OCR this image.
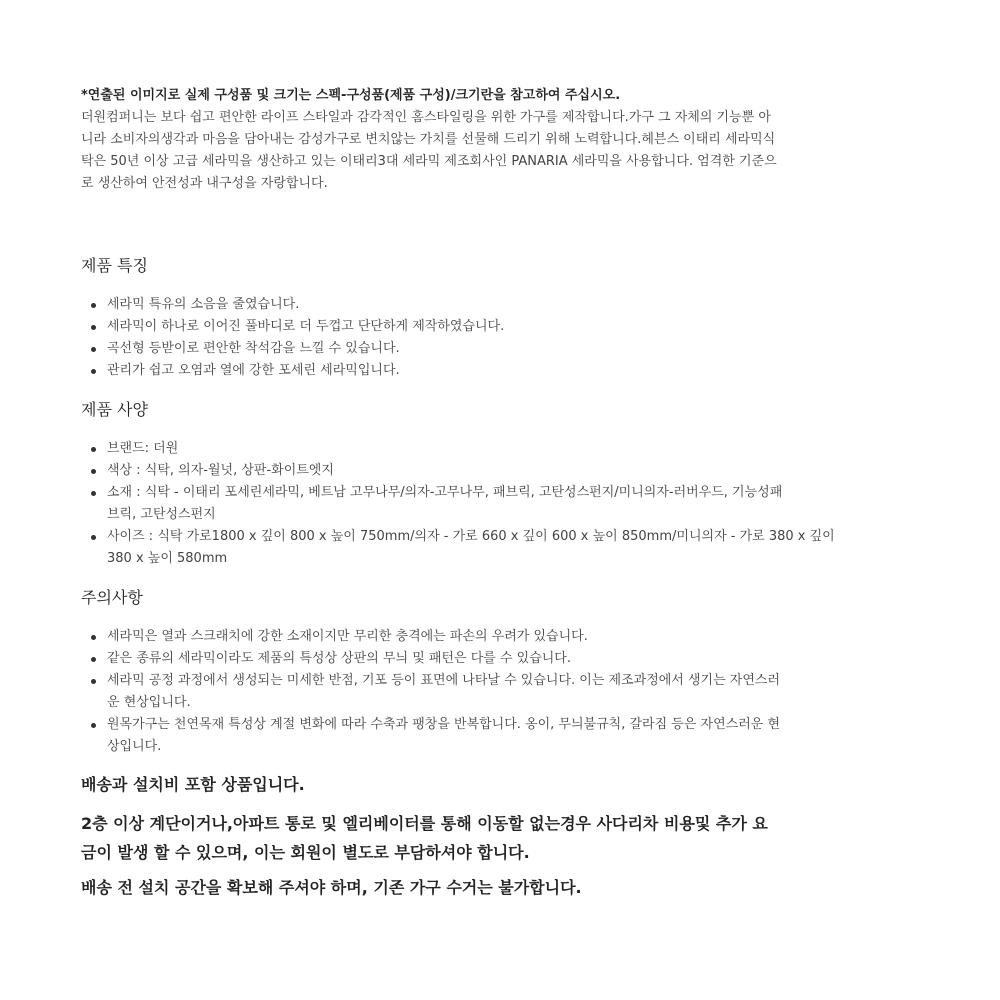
*연출된 이미지로 실제 구성품 및 크기는 스펙-구성품(제품 구성)/크기란을 참고하여 주십시오.

더원컴퍼니는 보다 쉽고 편안한 라이프 스타일과 감각적인 홈스타일링을 위한 가구를 제작합니다.가구 그 자체의 기능뿐 아
니라 소비자의생각과 마음을 담아내는 감성가구로 변치않는 가치를 선물해 드리기 위해 노력합니다.헤븐스 이태리 세라믹식
탁은 50년 이상 고급 세라믹을 생산하고 있는 이태리3대 세라믹 제조회사인 PANARIA 세라믹을 사용합니다. 엄격한 기준으
로 생산하여 안전성과 내구성을 자랑합니다.
제품 특징
세라믹 특유의 소음을 줄였습니다.
세라믹이 하나로 이어진 풀바디로 더 두껍고 단단하게 제작하였습니다.
곡선형 등받이로 편안한 착석감을 느낄 수 있습니다.
관리가 쉽고 오염과 열에 강한 포세린 세라믹입니다.
제품 사양
브랜드: 더원
색상 : 식탁, 의자-월넛, 상판-화이트엣지
소재 : 식탁 - 이태리 포세린세라믹, 베트남 고무나무/의자-고무나무, 패브릭, 고탄성스펀지/미니의자-러버우드, 기능성패
브릭, 고탄성스펀지
사이즈 : 식탁 가로1800 x 깊이 800 x 높이 750mm/의자 - 가로 660 x 깊이 600 x 높이 850mm/미니의자 - 가로 380 x 깊이
380 x 높이 580mm
주의사항
세라믹은 열과 스크래치에 강한 소재이지만 무리한 충격에는 파손의 우려가 있습니다.
같은 종류의 세라믹이라도 제품의 특성상 상판의 무늬 및 패턴은 다를 수 있습니다.
세라믹 공정 과정에서 생성되는 미세한 반점, 기포 등이 표면에 나타날 수 있습니다. 이는 제조과정에서 생기는 자연스러
운 현상입니다.
원목가구는 천연목재 특성상 계절 변화에 따라 수축과 팽창을 반복합니다. 옹이, 무늬불규칙, 갈라짐 등은 자연스러운 현
상입니다.

배송과 설치비 포함 상품입니다.

2층 이상 계단이거나,아파트 통로 및 엘리베이터를 통해 이동할 없는경우 사다리차 비용및 추가 요
금이 발생 할 수 있으며, 이는 회원이 별도로 부담하셔야 합니다.

배송 전 설치 공간을 확보해 주셔야 하며, 기존 가구 수거는 불가합니다.
